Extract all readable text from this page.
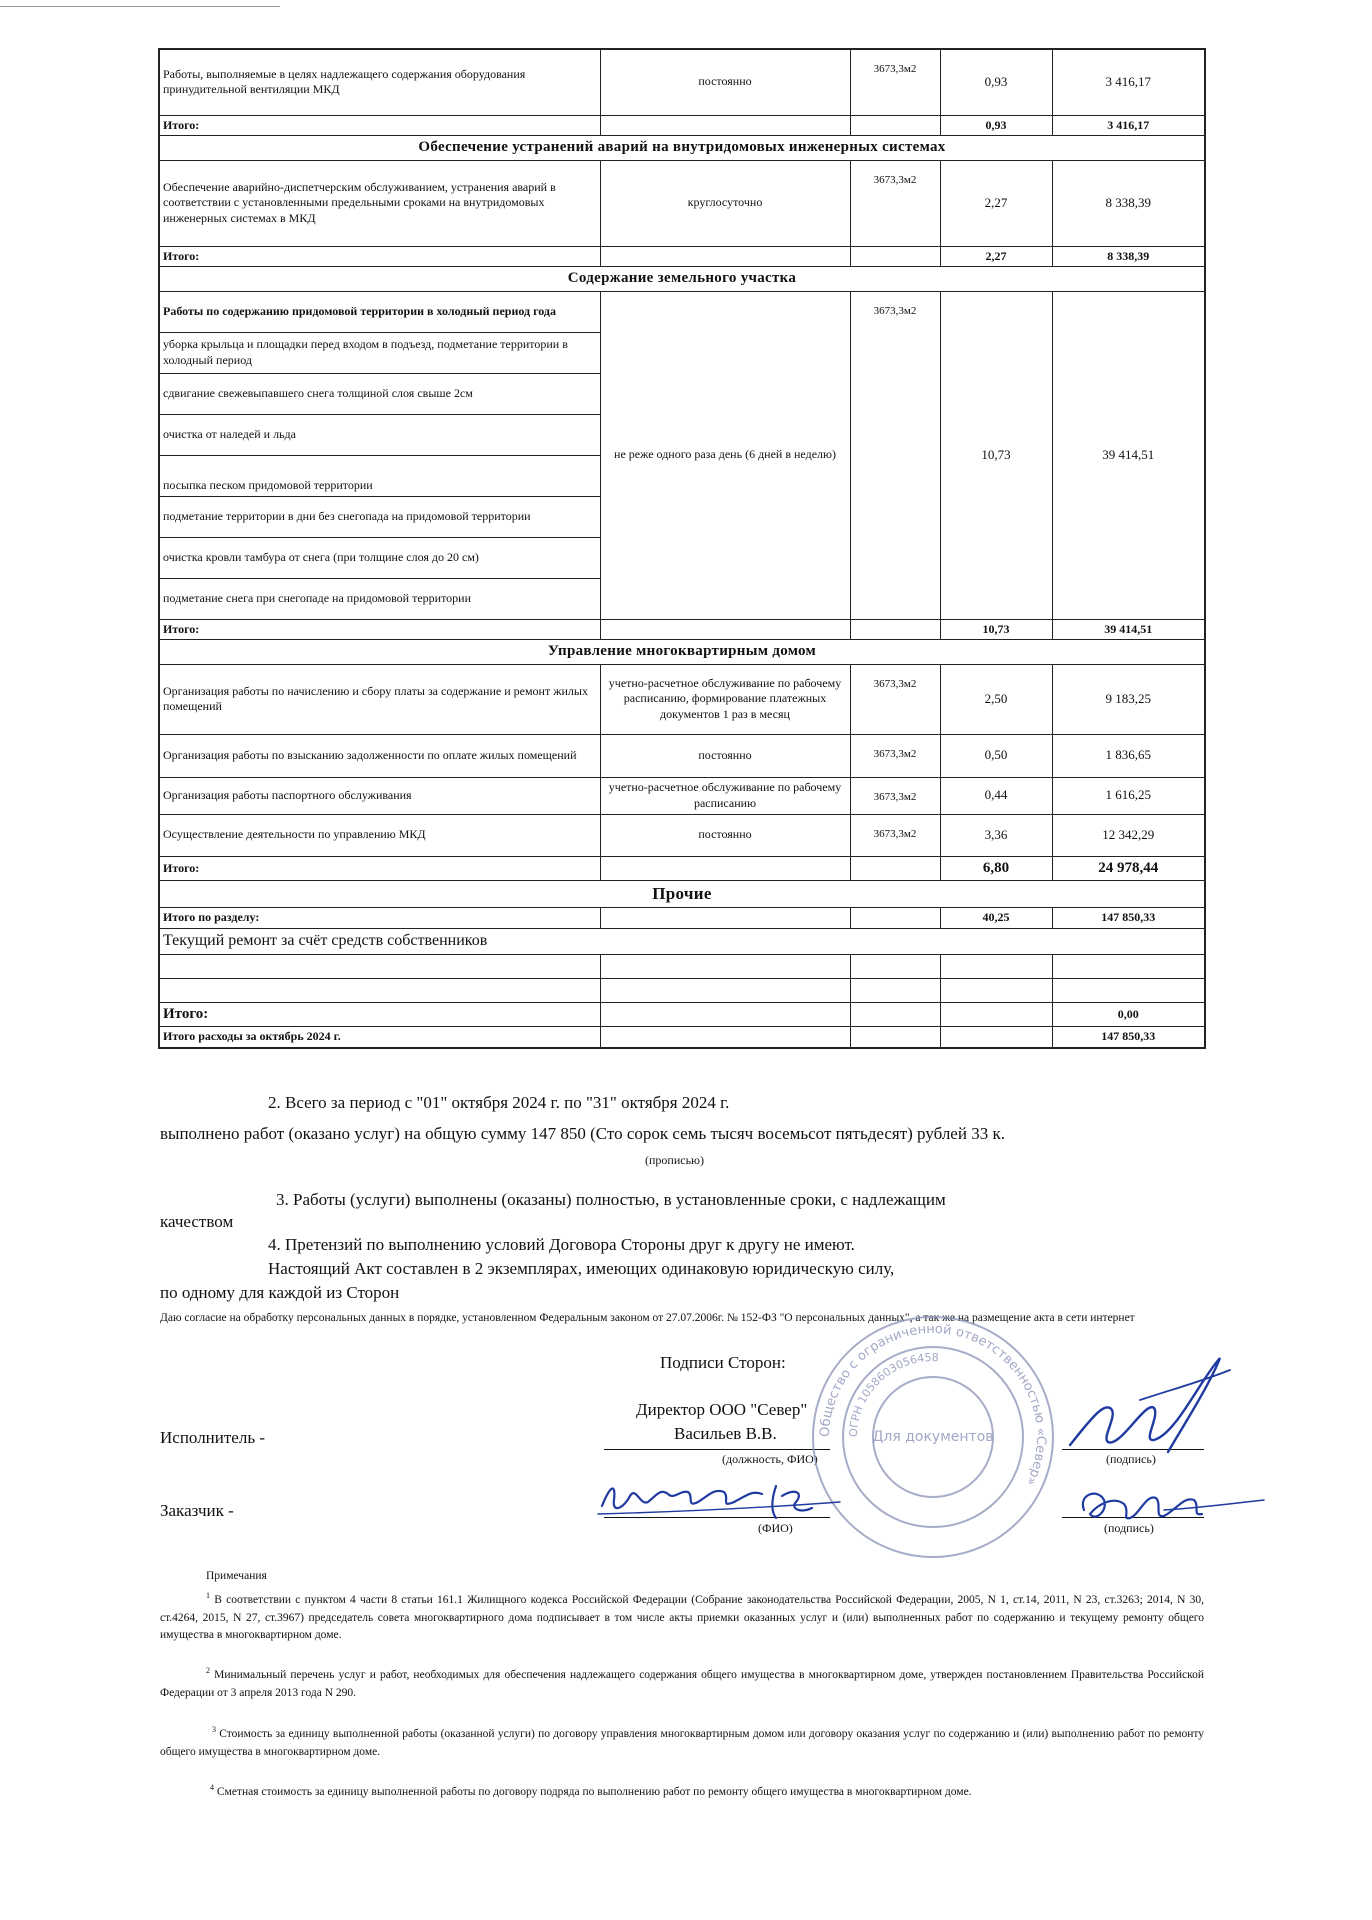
Работы, выполняемые в целях надлежащего содержания оборудования принудительной вентиляции МКД	постоянно	3673,3м2	0,93	3 416,17
Итого:			0,93	3 416,17
Обеспечение устранений аварий на внутридомовых инженерных системах				
Обеспечение аварийно-диспетчерским обслуживанием, устранения аварий в соответствии с установленными предельными сроками на внутридомовых инженерных системах в МКД	круглосуточно	3673,3м2	2,27	8 338,39
Итого:			2,27	8 338,39
Содержание земельного участка				
Работы по содержанию придомовой территории в холодный период года	не реже одного раза день (6 дней в неделю)	3673,3м2	10,73	39 414,51
уборка крыльца и площадки перед входом в подъезд, подметание территории в холодный период				
сдвигание свежевыпавшего снега толщиной слоя свыше 2см				
очистка от наледей и льда				
посыпка песком придомовой территории				
подметание территории в дни без снегопада на придомовой территории				
очистка кровли тамбура от снега (при толщине слоя до 20 см)				
подметание снега при снегопаде на придомовой территории				
Итого:			10,73	39 414,51
Управление многоквартирным домом				
Организация работы по начислению и сбору платы за содержание и ремонт жилых помещений	учетно-расчетное обслуживание по рабочему расписанию, формирование платежных документов 1 раз в месяц	3673,3м2	2,50	9 183,25
Организация работы по взысканию задолженности по оплате жилых помещений	постоянно	3673,3м2	0,50	1 836,65
Организация работы паспортного обслуживания	учетно-расчетное обслуживание по рабочему расписанию	3673,3м2	0,44	1 616,25
Осуществление деятельности по управлению МКД	постоянно	3673,3м2	3,36	12 342,29
Итого:			6,80	24 978,44
Прочие				
Итого по разделу:			40,25	147 850,33
Текущий ремонт за счёт средств собственников				

Итого:				0,00
Итого расходы за октябрь 2024 г.				147 850,33
2. Всего за период с "01" октября 2024 г. по "31" октября 2024 г.
выполнено работ (оказано услуг) на общую сумму 147 850 (Сто сорок семь тысяч восемьсот пятьдесят) рублей 33 к.
(прописью)
3. Работы (услуги) выполнены (оказаны) полностью, в установленные сроки, с надлежащим
качеством
4. Претензий по выполнению условий Договора Стороны друг к другу не имеют.
Настоящий Акт составлен в 2 экземплярах, имеющих одинаковую юридическую силу,
по одному для каждой из Сторон
Даю согласие на обработку персональных данных в порядке, установленном Федеральным законом от 27.07.2006г. № 152-ФЗ "О персональных данных", а так же на размещение акта в сети интернет
Подписи Сторон:
Директор ООО "Север"
Васильев В.В.
Исполнитель -
(должность, ФИО)	(подпись)
Заказчик -
(ФИО)	(подпись)
Общество с ограниченной ответственностью «Север»
ОГРН 1058603056458
Для документов
Примечания
$^1$ В соответствии с пунктом 4 части 8 статьи 161.1 Жилищного кодекса Российской Федерации (Собрание законодательства Российской Федерации, 2005, N 1, ст.14, 2011, N 23, ст.3263; 2014, N 30, ст.4264, 2015, N 27, ст.3967) председатель совета многоквартирного дома подписывает в том числе акты приемки оказанных услуг и (или) выполненных работ по содержанию и текущему ремонту общего имущества в многоквартирном доме.
$^2$ Минимальный перечень услуг и работ, необходимых для обеспечения надлежащего содержания общего имущества в многоквартирном доме, утвержден постановлением Правительства Российской Федерации от 3 апреля 2013 года N 290.
$^3$ Стоимость за единицу выполненной работы (оказанной услуги) по договору управления многоквартирным домом или договору оказания услуг по содержанию и (или) выполнению работ по ремонту общего имущества в многоквартирном доме.
$^4$ Сметная стоимость за единицу выполненной работы по договору подряда по выполнению работ по ремонту общего имущества в многоквартирном доме.
